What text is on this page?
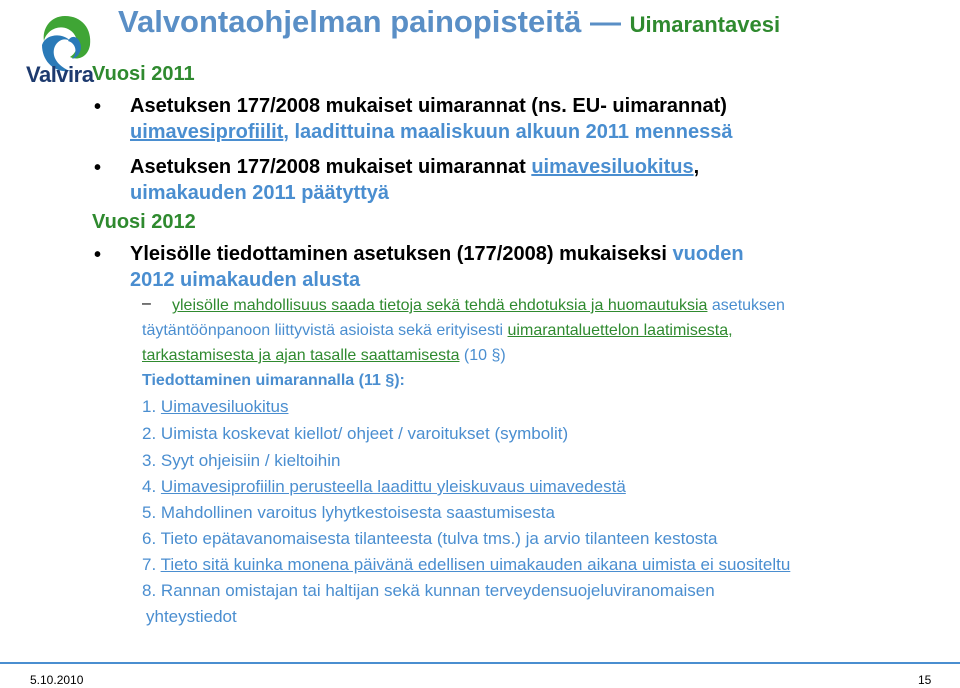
Valvira
Valvontaohjelman painopisteitä — Uimarantavesi
Vuosi 2011
• Asetuksen 177/2008 mukaiset uimarannat (ns. EU- uimarannat)
uimavesiprofiilit, laadittuina maaliskuun alkuun 2011 mennessä
• Asetuksen 177/2008 mukaiset uimarannat uimavesiluokitus,
uimakauden 2011 päätyttyä
Vuosi 2012
• Yleisölle tiedottaminen asetuksen (177/2008) mukaiseksi vuoden
2012 uimakauden alusta
– yleisölle mahdollisuus saada tietoja sekä tehdä ehdotuksia ja huomautuksia asetuksen
täytäntöönpanoon liittyvistä asioista sekä erityisesti uimarantaluettelon laatimisesta,
tarkastamisesta ja ajan tasalle saattamisesta (10 §)
Tiedottaminen uimarannalla (11 §):
1. Uimavesiluokitus
2. Uimista koskevat kiellot/ ohjeet / varoitukset (symbolit)
3. Syyt ohjeisiin / kieltoihin
4. Uimavesiprofiilin perusteella laadittu yleiskuvaus uimavedestä
5. Mahdollinen varoitus lyhytkestoisesta saastumisesta
6. Tieto epätavanomaisesta tilanteesta (tulva tms.) ja arvio tilanteen kestosta
7. Tieto sitä kuinka monena päivänä edellisen uimakauden aikana uimista ei suositeltu
8. Rannan omistajan tai haltijan sekä kunnan terveydensuojeluviranomaisen
yhteystiedot
5.10.2010	15
